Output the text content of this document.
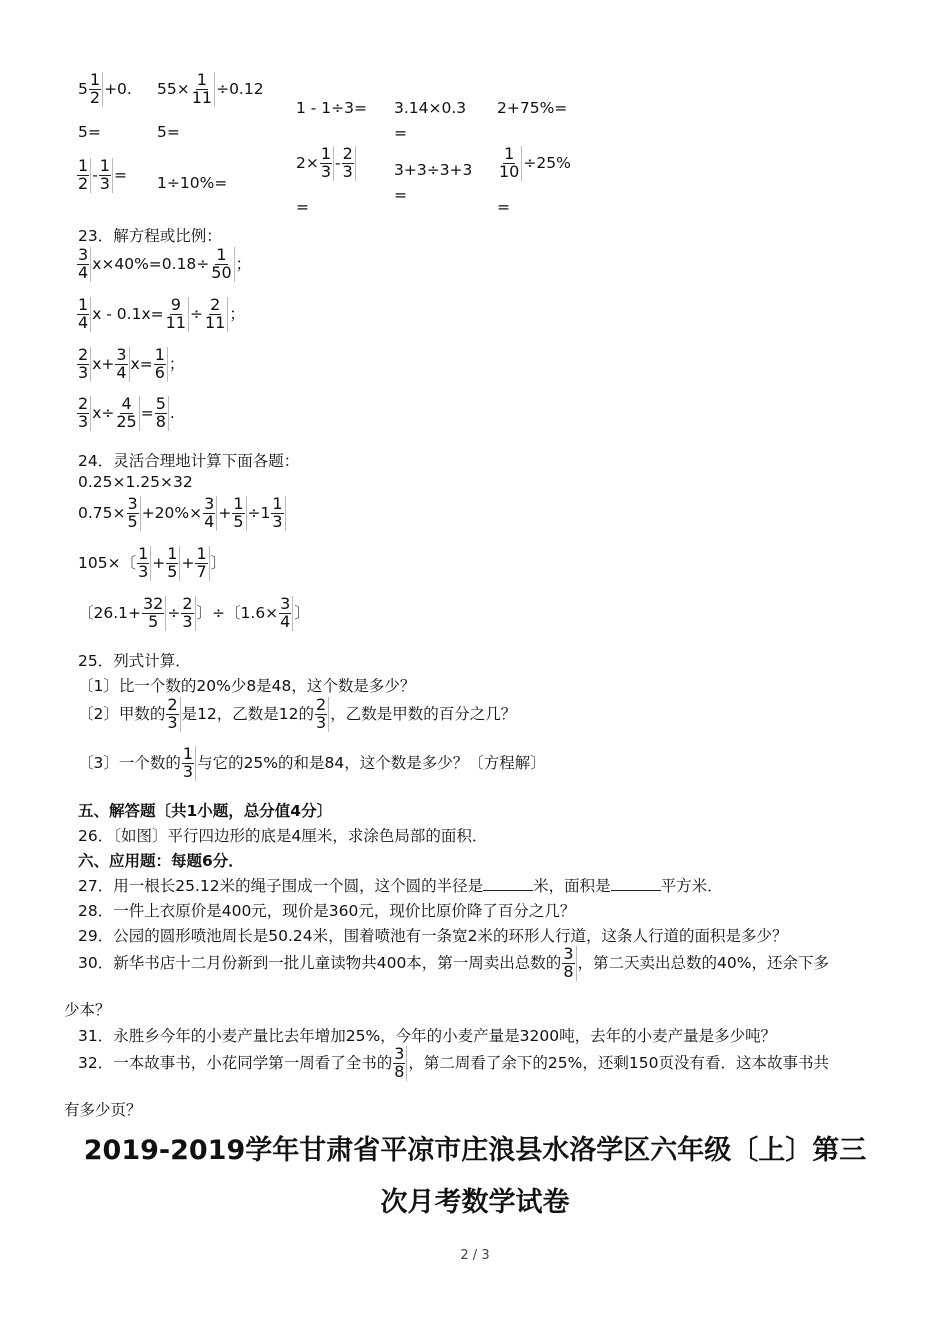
$5 \frac{1}{2} +0$.
5=
$55\times \frac{1}{11} \div 0.12$
5=
1 - 1÷3= 3.14×0.3
=
2+75%=
$\frac{1}{2} - \frac{1}{3} = 1\div 10\%=$
$2\times \frac{1}{3} - \frac{2}{3}$
=
3+3÷3+3
=
$\frac{1}{10} \div 25\%$
=
23．解方程或比例：
$\frac{3}{4} x\times 40\%=0.18\div \frac{1}{50}$ ；
$\frac{1}{4}$ $x - 0.1x= \frac{9}{11} \div \frac{2}{11}$ ；
$\frac{2}{3} x+ \frac{3}{4} x= \frac{1}{6}$ ；
$\frac{2}{3} x\div \frac{4}{25} = \frac{5}{8}$ .
24．灵活合理地计算下面各题：
0.25×1.25×32
$0.75\times \frac{3}{5} +20\%\times \frac{3}{4} + \frac{1}{5} \div 1 \frac{1}{3}$
105×〔 $\frac{1}{3} + \frac{1}{5} + \frac{1}{7}$ 〕
〔$26.1+ \frac{32}{5} \div \frac{2}{3}$ 〕÷〔$1.6\times \frac{3}{4}$ 〕
25．列式计算．
〔1〕比一个数的20%少8是48，这个数是多少？
〔2〕甲数的 $\frac{2}{3}$ 是12，乙数是12的 $\frac{2}{3}$ ，乙数是甲数的百分之几？
〔3〕一个数的 $\frac{1}{3}$ 与它的25%的和是84，这个数是多少？〔方程解〕
五、解答题〔共1小题，总分值4分〕
26．〔如图〕平行四边形的底是4厘米，求涂色局部的面积．
六、应用题：每题6分．
27．用一根长25.12米的绳子围成一个圆，这个圆的半径是	米，面积是	平方米．
28．一件上衣原价是400元，现价是360元，现价比原价降了百分之几？
29．公园的圆形喷池周长是50.24米，围着喷池有一条宽2米的环形人行道，这条人行道的面积是多少？
30．新华书店十二月份新到一批儿童读物共400本，第一周卖出总数的 $\frac{3}{8}$ ，第二天卖出总数的40%，还余下多
少本？
31．永胜乡今年的小麦产量比去年增加25%，今年的小麦产量是3200吨，去年的小麦产量是多少吨？
32．一本故事书，小花同学第一周看了全书的 $\frac{3}{8}$ ，第二周看了余下的25%，还剩150页没有看．这本故事书共
有多少页？
2019-2019学年甘肃省平凉市庄浪县水洛学区六年级〔上〕第三
次月考数学试卷
2 / 3
